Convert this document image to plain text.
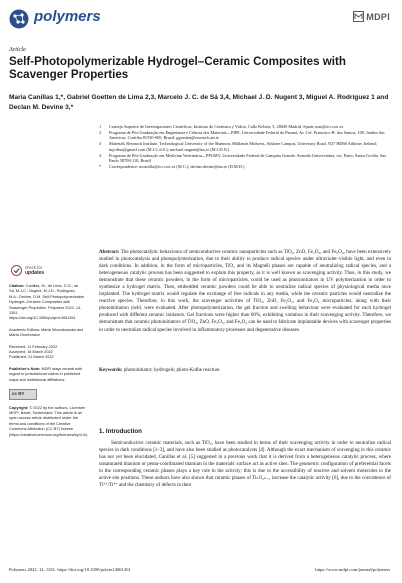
polymers	MDPI
Article
Self-Photopolymerizable Hydrogel–Ceramic Composites with Scavenger Properties
Maria Canillas 1,*, Gabriel Goetten de Lima 2,3, Marcelo J. C. de Sá 3,4, Michael J. D. Nugent 3, Miguel A. Rodríguez 1 and Declan M. Devine 3,*
1	Consejo Superior de Investigaciones Científicas, Instituto de Cerámica y Vidrio, Calle Kelsen, 5, 28049 Madrid, Spain; mar@icv.csic.es
2	Programa de Pós-Graduação em Engenharia e Ciência dos Materiais—PIPE, Universidade Federal do Paraná, Av. Cel. Francisco H. dos Santos, 100, Jardim das Americas, Curitiba 81530-000, Brazil; ggoetten@research.ait.ie
3	Materials Research Institute, Technological University of the Shannon, Midlands Midwest, Athlone Campus, University Road, N37 HD68 Athlone, Ireland; mjcdesa@gmail.com (M.J.C.d.S.); michael.nugent@tus.ie (M.J.D.N.)
4	Programa de Pós-Graduação em Medicina Veterinária—PPGMV, Universidade Federal de Campina Grande, Avenida Universitária, s/n, Patos, Santa Cecília, Sao Paulo 58708-110, Brazil
*	Correspondence: mcanilla@icv.csic.es (M.C.); declan.devine@tus.ie (D.M.D.)
Abstract: The photocatalytic behaviours of semiconductive ceramic nanoparticles such as TiO₂, ZnO, Fe₂O₃, and Fe₃O₄, have been extensively studied in photocatalysis and photopolymerization, due to their ability to produce radical species under ultraviolet–visible light, and even in dark conditions. In addition, in the form of microparticles, TiO₂ and its Magnéli phases are capable of neutralizing radical species, and a heterogeneous catalytic process has been suggested to explain this property, as it is well known as scavenging activity. Thus, in this study, we demonstrate that these ceramic powders, in the form of microparticles, could be used as photoinitiators in UV polymerization in order to synthesize a hydrogel matrix. Then, embedded ceramic powders could be able to neutralize radical species of physiological media once implanted. The hydrogel matrix would regulate the exchange of free radicals in any media, while the ceramic particles would neutralize the reactive species. Therefore, in this work, the scavenger activities of TiO₂, ZnO, Fe₂O₃, and Fe₃O₄ microparticles, along with their photoinitiation yield, were evaluated. After photopolymerization, the gel fraction and swelling behaviour were evaluated for each hydrogel produced with different ceramic initiators. Gel fractions were higher than 60%, exhibiting variation in their scavenging activity. Therefore, we demonstrate that ceramic photoinitiators of TiO₂, ZnO, Fe₂O₃, and Fe₃O₄ can be used to fabricate implantable devices with scavenger properties in order to neutralize radical species involved in inflammatory processes and degenerative diseases.
Keywords: photoinitiator; hydrogels; photo-Kolbe reaction
check for
updates
Citation: Canillas, M.; de Lima, G.G.; de Sá, M.J.C.; Nugent, M.J.D.; Rodríguez, M.A.; Devine, D.M. Self-Photopolymerizable Hydrogel–Ceramic Composites with Scavenger Properties. Polymers 2022, 14, 1261. https://doi.org/10.3390/polym14061261
Academic Editors: Marta Worzakowska and Marta Grochowicz
Received: 11 February 2022
Accepted: 16 March 2022
Published: 21 March 2022
Publisher's Note: MDPI stays neutral with regard to jurisdictional claims in published maps and institutional affiliations.
cc BY
Copyright: © 2022 by the authors. Licensee MDPI, Basel, Switzerland. This article is an open access article distributed under the terms and conditions of the Creative Commons Attribution (CC BY) license (https://creativecommons.org/licenses/by/4.0/). 1. Introduction
Semiconductive ceramic materials, such as TiO₂, have been studied in terms of their scavenging activity in order to neutralize radical species in dark conditions [1–3], and have also been studied as photocatalysts [4]. Although the exact mechanism of scavenging in this ceramic has not yet been elucidated, Canillas et al. [5] suggested in a previous work that it is derived from a heterogeneous catalytic process, where unsaturated titanium or penta-coordinated titanium in the materials' surface act as active sites. The geometric configuration of preferential facets in the corresponding ceramic phases plays a key role in the activity; this is due to the accessibility of reactive and solvent molecules to the active site positions. These authors have also shown that ceramic phases of TiₙO₂ₙ₋₁ increase the catalytic activity [6], due to the coexistence of Ti³⁺/Ti⁴⁺ and the chemistry of defects in their
Polymers 2022, 14, 1261. https://doi.org/10.3390/polym14061261	https://www.mdpi.com/journal/polymers
